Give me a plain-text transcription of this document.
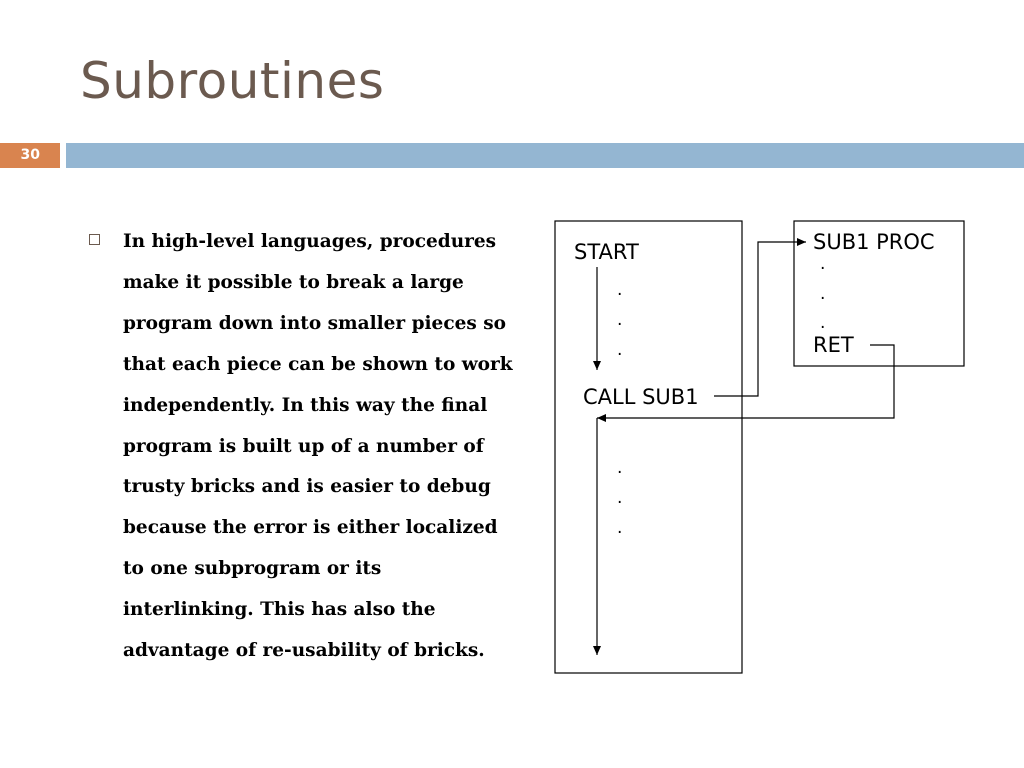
Subroutines
30
In high-level languages, procedures make it possible to break a large program down into smaller pieces so that each piece can be shown to work independently. In this way the final program is built up of a number of trusty bricks and is easier to debug because the error is either localized to one subprogram or its interlinking. This has also the advantage of re-usability of bricks.
START
.
.
.
CALL SUB1
.
.
.
SUB1 PROC
.
.
.
RET
